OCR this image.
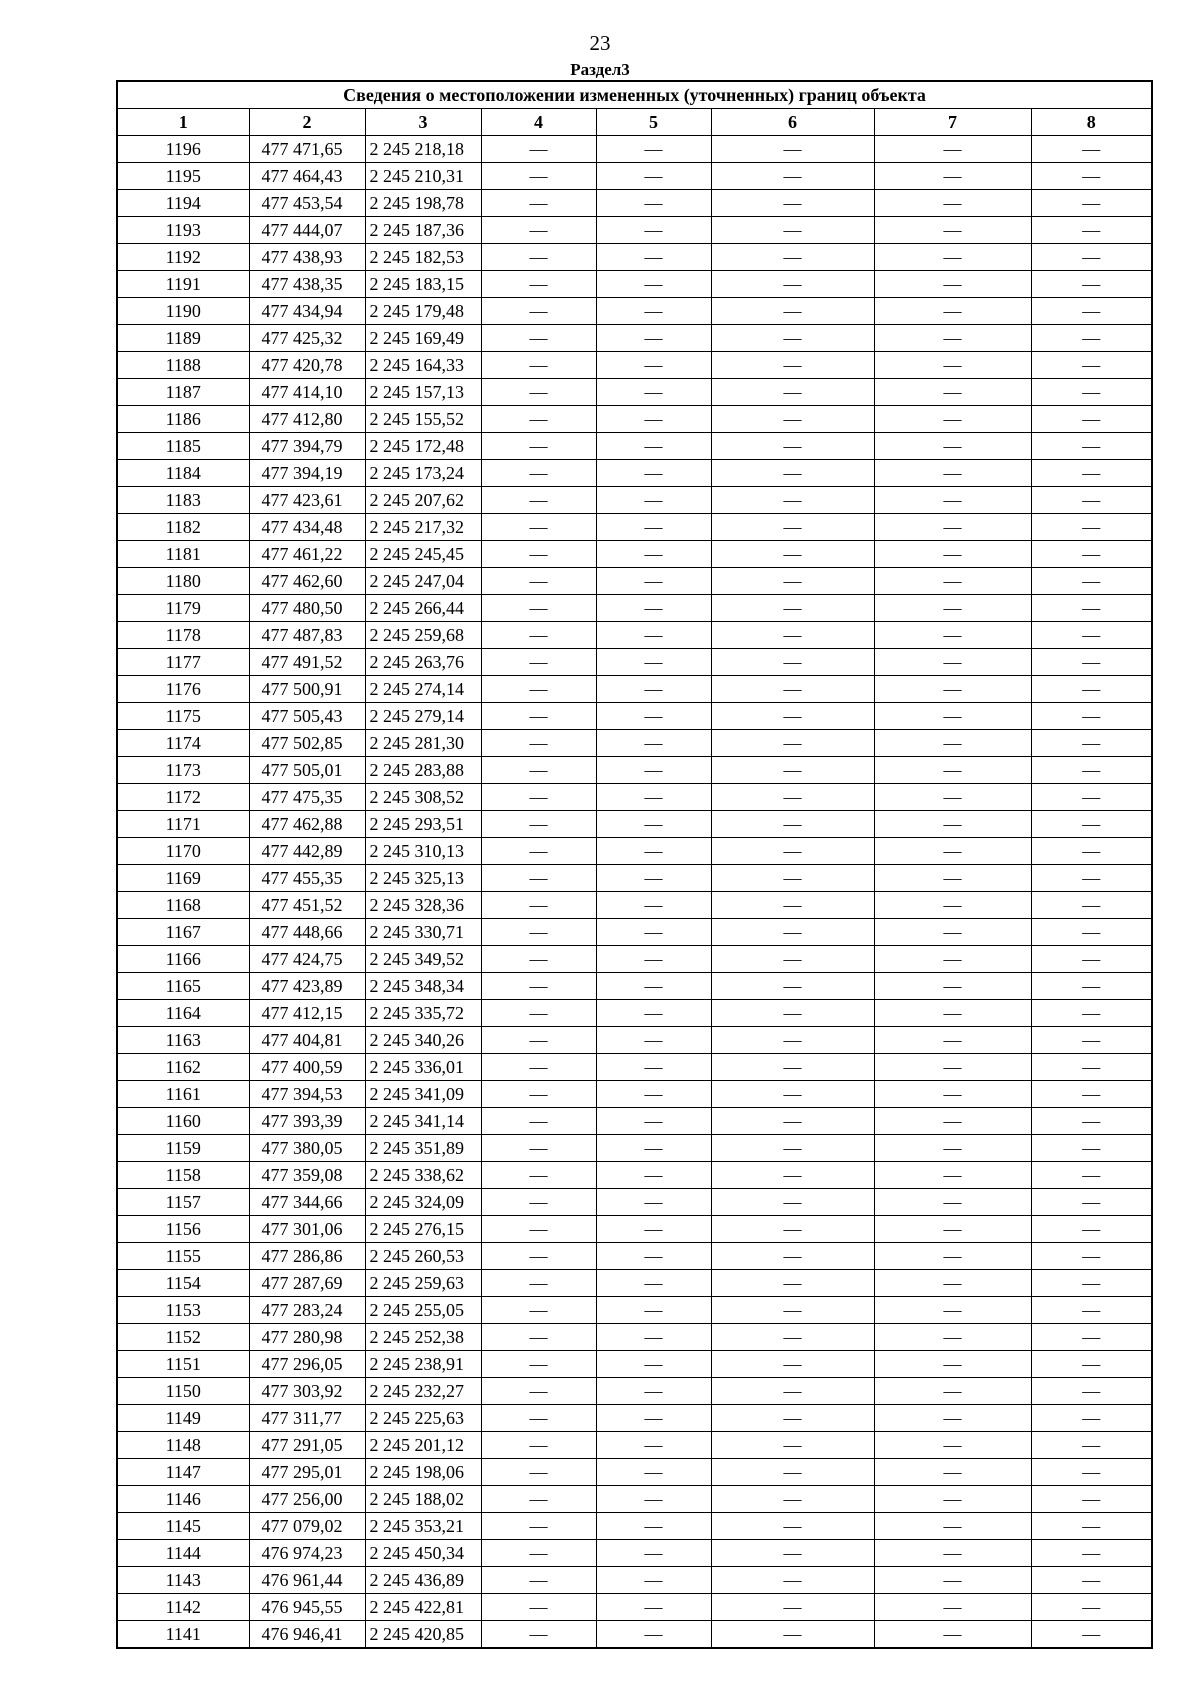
23
Раздел3
Сведения о местоположении измененных (уточненных) границ объекта							
1	2	3	4	5	6	7	8
1196	477 471,65	2 245 218,18	—	—	—	—	—
1195	477 464,43	2 245 210,31	—	—	—	—	—
1194	477 453,54	2 245 198,78	—	—	—	—	—
1193	477 444,07	2 245 187,36	—	—	—	—	—
1192	477 438,93	2 245 182,53	—	—	—	—	—
1191	477 438,35	2 245 183,15	—	—	—	—	—
1190	477 434,94	2 245 179,48	—	—	—	—	—
1189	477 425,32	2 245 169,49	—	—	—	—	—
1188	477 420,78	2 245 164,33	—	—	—	—	—
1187	477 414,10	2 245 157,13	—	—	—	—	—
1186	477 412,80	2 245 155,52	—	—	—	—	—
1185	477 394,79	2 245 172,48	—	—	—	—	—
1184	477 394,19	2 245 173,24	—	—	—	—	—
1183	477 423,61	2 245 207,62	—	—	—	—	—
1182	477 434,48	2 245 217,32	—	—	—	—	—
1181	477 461,22	2 245 245,45	—	—	—	—	—
1180	477 462,60	2 245 247,04	—	—	—	—	—
1179	477 480,50	2 245 266,44	—	—	—	—	—
1178	477 487,83	2 245 259,68	—	—	—	—	—
1177	477 491,52	2 245 263,76	—	—	—	—	—
1176	477 500,91	2 245 274,14	—	—	—	—	—
1175	477 505,43	2 245 279,14	—	—	—	—	—
1174	477 502,85	2 245 281,30	—	—	—	—	—
1173	477 505,01	2 245 283,88	—	—	—	—	—
1172	477 475,35	2 245 308,52	—	—	—	—	—
1171	477 462,88	2 245 293,51	—	—	—	—	—
1170	477 442,89	2 245 310,13	—	—	—	—	—
1169	477 455,35	2 245 325,13	—	—	—	—	—
1168	477 451,52	2 245 328,36	—	—	—	—	—
1167	477 448,66	2 245 330,71	—	—	—	—	—
1166	477 424,75	2 245 349,52	—	—	—	—	—
1165	477 423,89	2 245 348,34	—	—	—	—	—
1164	477 412,15	2 245 335,72	—	—	—	—	—
1163	477 404,81	2 245 340,26	—	—	—	—	—
1162	477 400,59	2 245 336,01	—	—	—	—	—
1161	477 394,53	2 245 341,09	—	—	—	—	—
1160	477 393,39	2 245 341,14	—	—	—	—	—
1159	477 380,05	2 245 351,89	—	—	—	—	—
1158	477 359,08	2 245 338,62	—	—	—	—	—
1157	477 344,66	2 245 324,09	—	—	—	—	—
1156	477 301,06	2 245 276,15	—	—	—	—	—
1155	477 286,86	2 245 260,53	—	—	—	—	—
1154	477 287,69	2 245 259,63	—	—	—	—	—
1153	477 283,24	2 245 255,05	—	—	—	—	—
1152	477 280,98	2 245 252,38	—	—	—	—	—
1151	477 296,05	2 245 238,91	—	—	—	—	—
1150	477 303,92	2 245 232,27	—	—	—	—	—
1149	477 311,77	2 245 225,63	—	—	—	—	—
1148	477 291,05	2 245 201,12	—	—	—	—	—
1147	477 295,01	2 245 198,06	—	—	—	—	—
1146	477 256,00	2 245 188,02	—	—	—	—	—
1145	477 079,02	2 245 353,21	—	—	—	—	—
1144	476 974,23	2 245 450,34	—	—	—	—	—
1143	476 961,44	2 245 436,89	—	—	—	—	—
1142	476 945,55	2 245 422,81	—	—	—	—	—
1141	476 946,41	2 245 420,85	—	—	—	—	—
